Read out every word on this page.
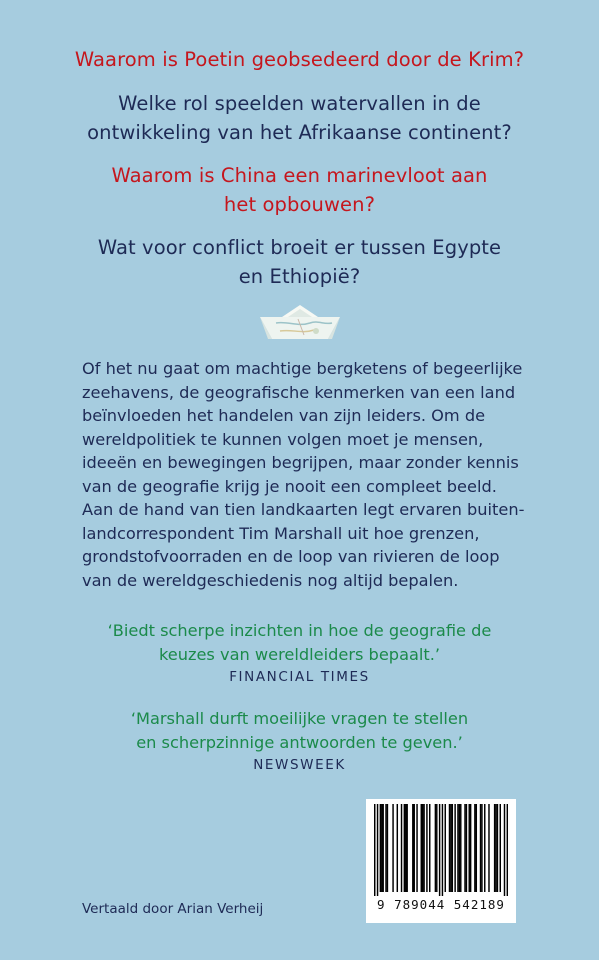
Waarom is Poetin geobsedeerd door de Krim?

Welke rol speelden watervallen in de
ontwikkeling van het Afrikaanse continent?

Waarom is China een marinevloot aan
het opbouwen?

Wat voor conflict broeit er tussen Egypte
en Ethiopië?

Of het nu gaat om machtige bergketens of begeerlijke
zeehavens, de geografische kenmerken van een land
beïnvloeden het handelen van zijn leiders. Om de
wereldpolitiek te kunnen volgen moet je mensen,
ideeën en bewegingen begrijpen, maar zonder kennis
van de geografie krijg je nooit een compleet beeld.
Aan de hand van tien landkaarten legt ervaren buiten-
landcorrespondent Tim Marshall uit hoe grenzen,
grondstofvoorraden en de loop van rivieren de loop
van de wereldgeschiedenis nog altijd bepalen.

‘Biedt scherpe inzichten in hoe de geografie de
keuzes van wereldleiders bepaalt.’
FINANCIAL TIMES

‘Marshall durft moeilijke vragen te stellen
en scherpzinnige antwoorden te geven.’
NEWSWEEK

Vertaald door Arian Verheij	9 789044 542189
